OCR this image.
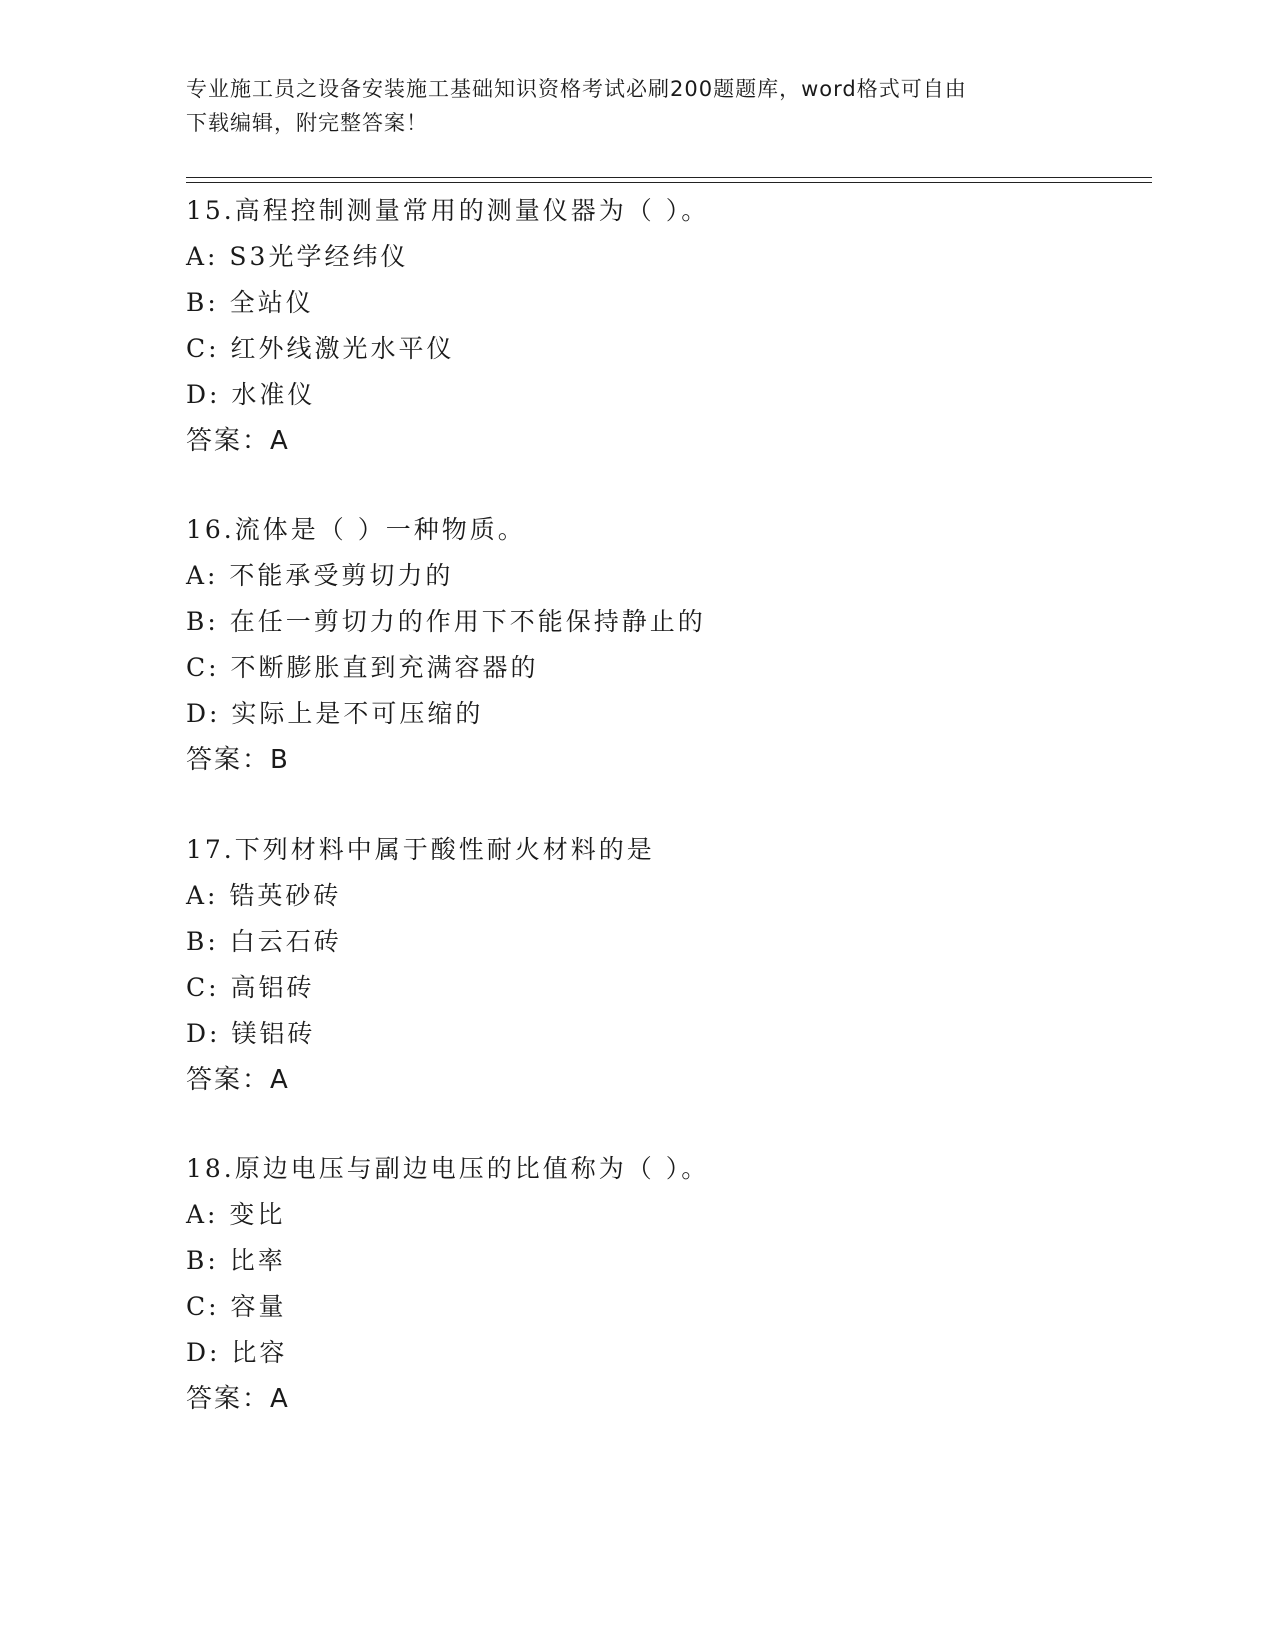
专业施工员之设备安装施工基础知识资格考试必刷200题题库，word格式可自由
下载编辑，附完整答案！
15.高程控制测量常用的测量仪器为（ ）。
A: S3光学经纬仪
B: 全站仪
C: 红外线激光水平仪
D: 水准仪
答案：A
16.流体是（ ）一种物质。
A: 不能承受剪切力的
B: 在任一剪切力的作用下不能保持静止的
C: 不断膨胀直到充满容器的
D: 实际上是不可压缩的
答案：B
17.下列材料中属于酸性耐火材料的是
A: 锆英砂砖
B: 白云石砖
C: 高铝砖
D: 镁铝砖
答案：A
18.原边电压与副边电压的比值称为（ ）。
A: 变比
B: 比率
C: 容量
D: 比容
答案：A
